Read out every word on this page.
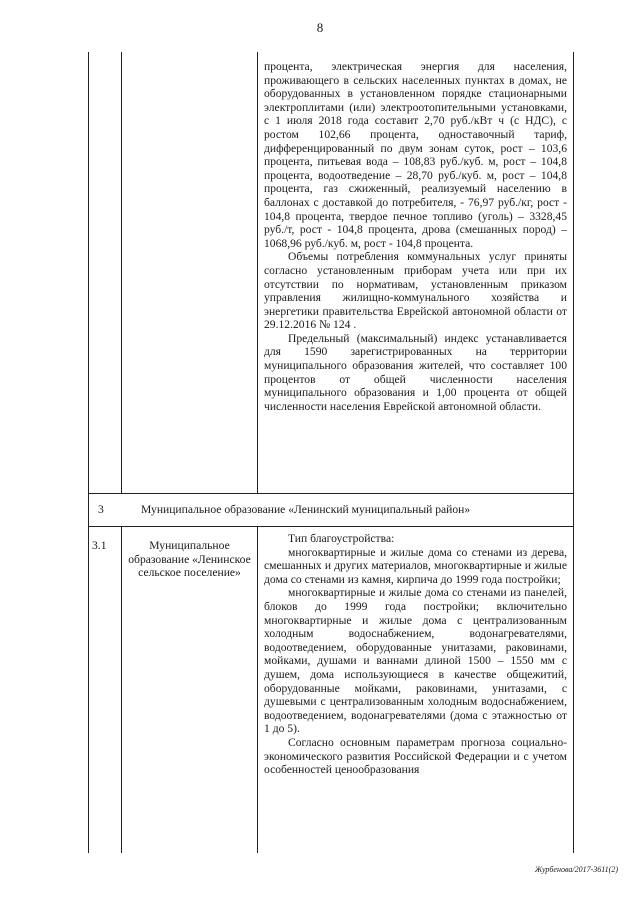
8

процента, электрическая энергия для населения, проживающего в сельских населенных пунктах в домах, не оборудованных в установленном порядке стационарными электроплитами (или) электроотопительными установками, с 1 июля 2018 года составит 2,70 руб./кВт ч (с НДС), с ростом 102,66 процента, одноставочный тариф, дифференцированный по двум зонам суток, рост – 103,6 процента, питьевая вода – 108,83 руб./куб. м, рост – 104,8 процента, водоотведение – 28,70 руб./куб. м, рост – 104,8 процента, газ сжиженный, реализуемый населению в баллонах с доставкой до потребителя, - 76,97 руб./кг, рост - 104,8 процента, твердое печное топливо (уголь) – 3328,45 руб./т, рост - 104,8 процента, дрова (смешанных пород) – 1068,96 руб./куб. м, рост - 104,8 процента.

Объемы потребления коммунальных услуг приняты согласно установленным приборам учета или при их отсутствии по нормативам, установленным приказом управления жилищно-коммунального хозяйства и энергетики правительства Еврейской автономной области от 29.12.2016 № 124 .

Предельный (максимальный) индекс устанавливается для 1590 зарегистрированных на территории муниципального образования жителей, что составляет 100 процентов от общей численности населения муниципального образования и 1,00 процента от общей численности населения Еврейской автономной области.

3	Муниципальное образование «Ленинский муниципальный район»
3.1	Муниципальное образование «Ленинское сельское поселение»

Тип благоустройства:

многоквартирные и жилые дома со стенами из дерева, смешанных и других материалов, многоквартирные и жилые дома со стенами из камня, кирпича до 1999 года постройки;

многоквартирные и жилые дома со стенами из панелей, блоков до 1999 года постройки; включительно многоквартирные и жилые дома с централизованным холодным водоснабжением, водонагревателями, водоотведением, оборудованные унитазами, раковинами, мойками, душами и ваннами длиной 1500 – 1550 мм с душем, дома использующиеся в качестве общежитий, оборудованные мойками, раковинами, унитазами, с душевыми с централизованным холодным водоснабжением, водоотведением, водонагревателями (дома с этажностью от 1 до 5).

Согласно основным параметрам прогноза социально-экономического развития Российской Федерации и с учетом особенностей ценообразования

Журбенова/2017-3611(2)
